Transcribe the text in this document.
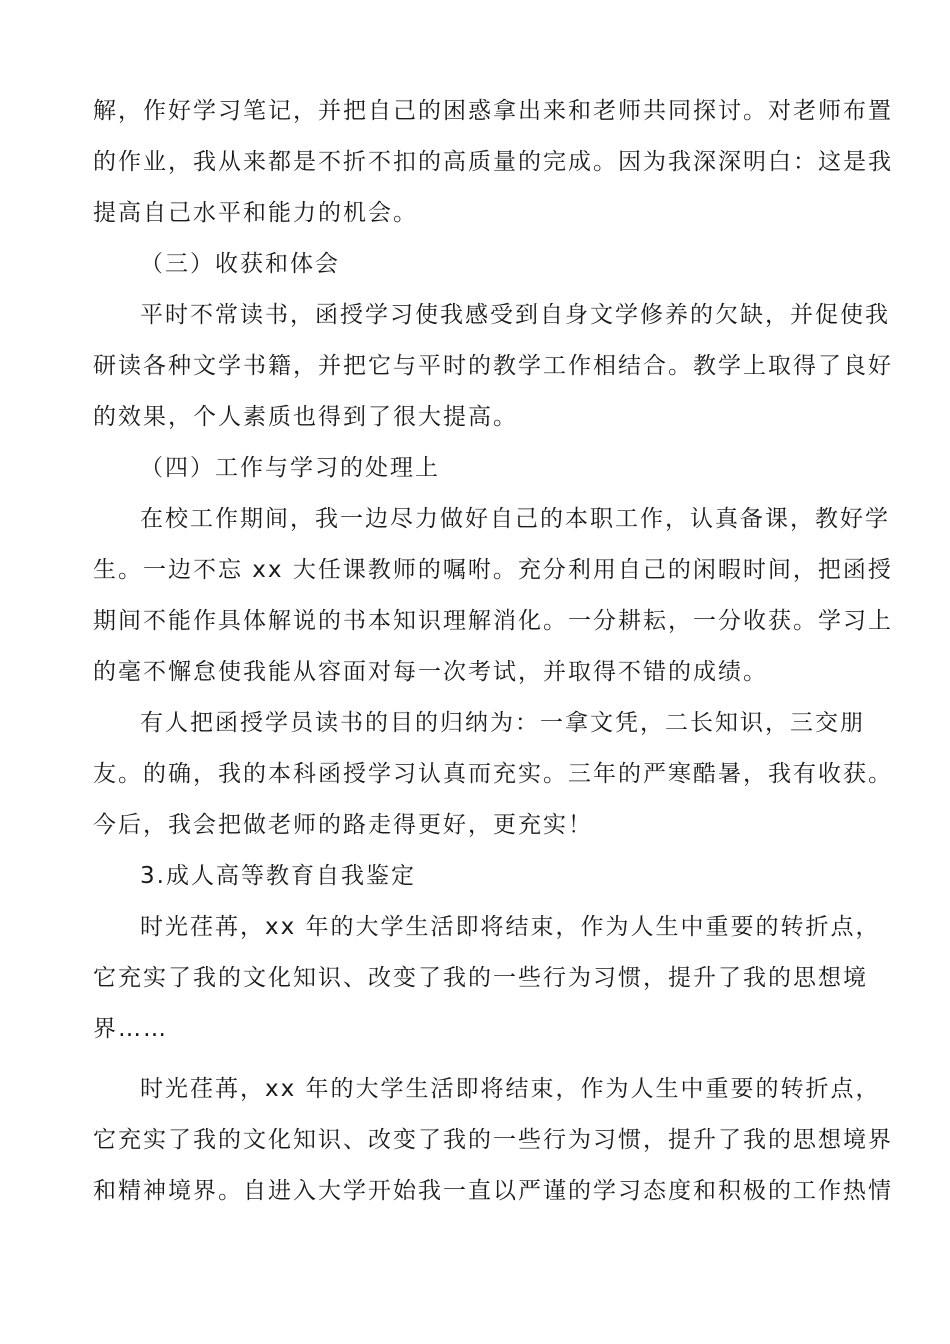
解，作好学习笔记，并把自己的困惑拿出来和老师共同探讨。对老师布置
的作业，我从来都是不折不扣的高质量的完成。因为我深深明白：这是我
提高自己水平和能力的机会。
（三）收获和体会
平时不常读书，函授学习使我感受到自身文学修养的欠缺，并促使我
研读各种文学书籍，并把它与平时的教学工作相结合。教学上取得了良好
的效果，个人素质也得到了很大提高。
（四）工作与学习的处理上
在校工作期间，我一边尽力做好自己的本职工作，认真备课，教好学
生。一边不忘 xx 大任课教师的嘱咐。充分利用自己的闲暇时间，把函授
期间不能作具体解说的书本知识理解消化。一分耕耘，一分收获。学习上
的毫不懈怠使我能从容面对每一次考试，并取得不错的成绩。
有人把函授学员读书的目的归纳为：一拿文凭，二长知识，三交朋
友。的确，我的本科函授学习认真而充实。三年的严寒酷暑，我有收获。
今后，我会把做老师的路走得更好，更充实！
3.成人高等教育自我鉴定
时光荏苒，xx 年的大学生活即将结束，作为人生中重要的转折点，
它充实了我的文化知识、改变了我的一些行为习惯，提升了我的思想境
界……
时光荏苒，xx 年的大学生活即将结束，作为人生中重要的转折点，
它充实了我的文化知识、改变了我的一些行为习惯，提升了我的思想境界
和精神境界。自进入大学开始我一直以严谨的学习态度和积极的工作热情
